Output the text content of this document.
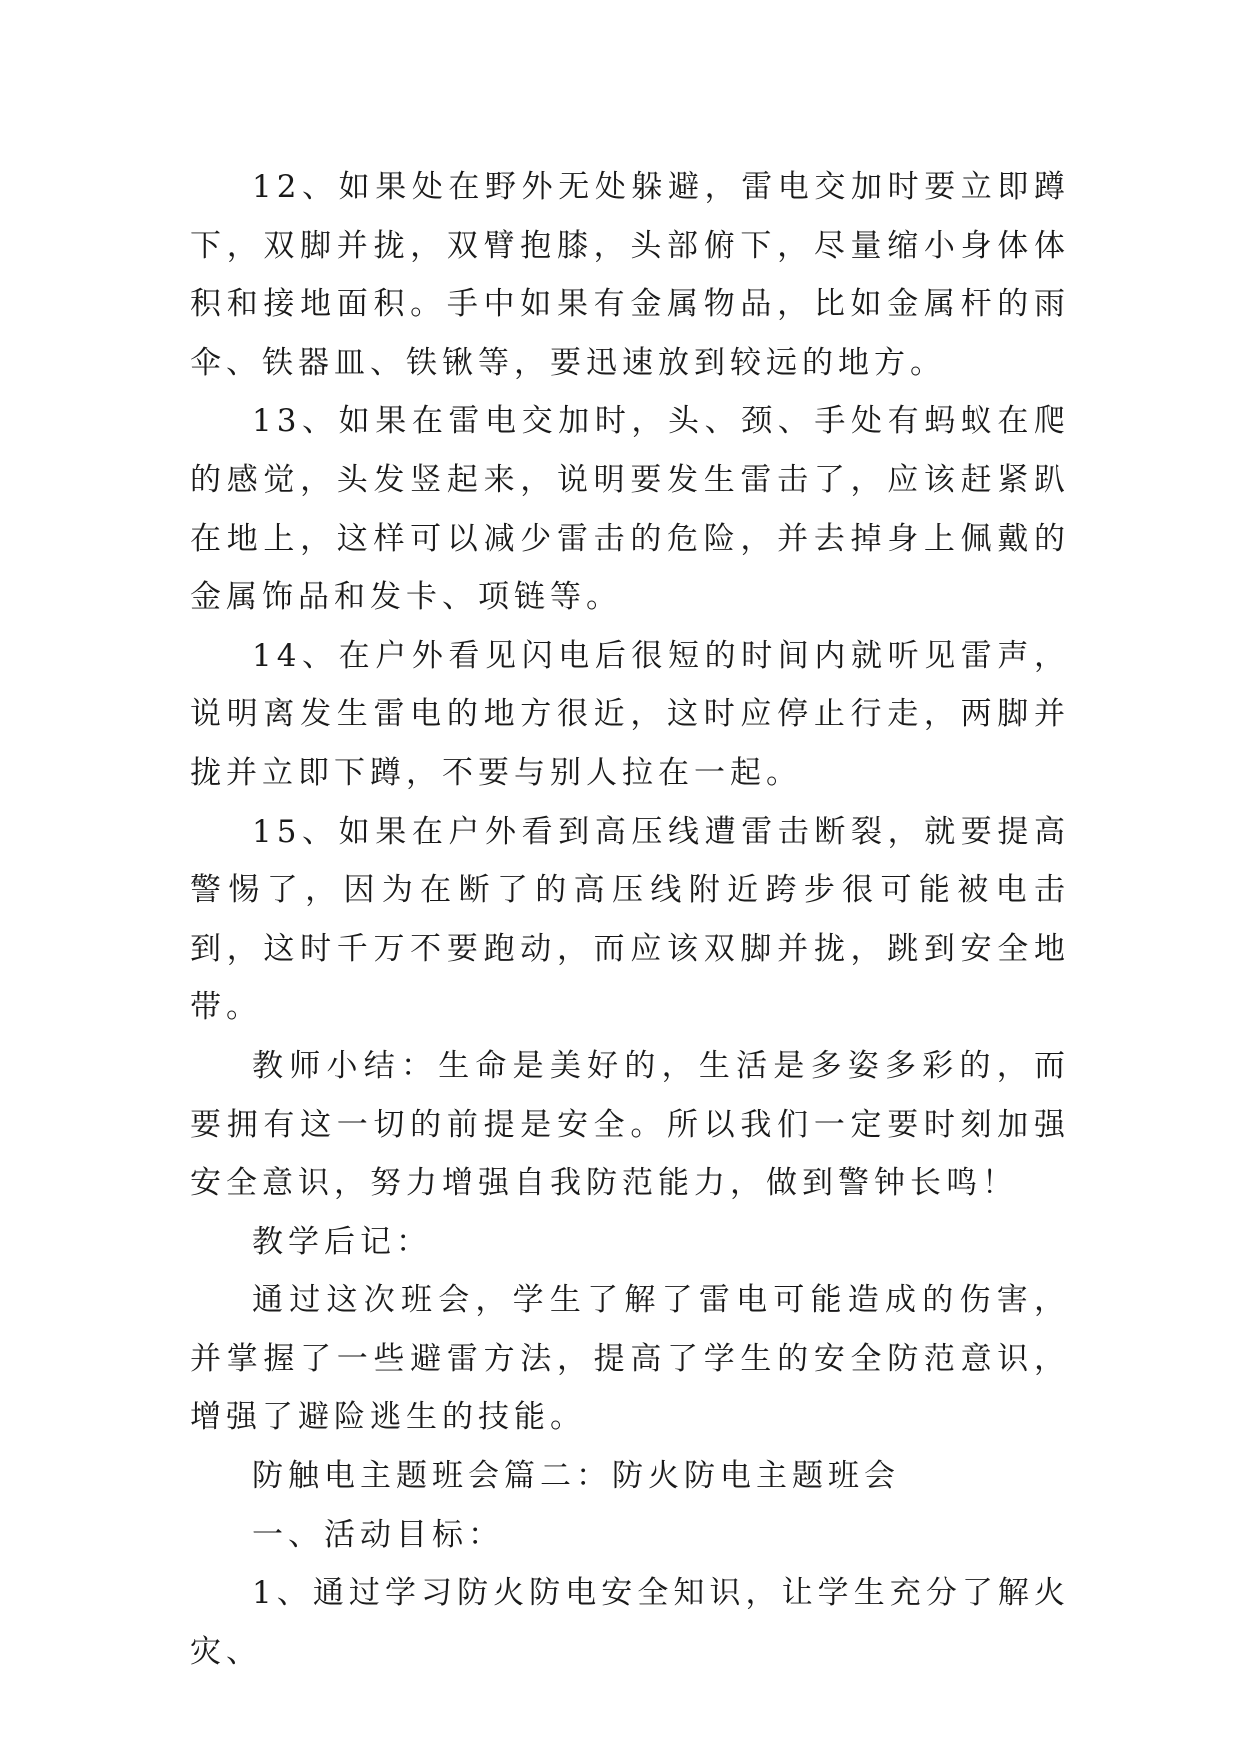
12、如果处在野外无处躲避，雷电交加时要立即蹲下，双脚并拢，双臂抱膝，头部俯下，尽量缩小身体体积和接地面积。手中如果有金属物品，比如金属杆的雨伞、铁器皿、铁锹等，要迅速放到较远的地方。

13、如果在雷电交加时，头、颈、手处有蚂蚁在爬的感觉，头发竖起来，说明要发生雷击了，应该赶紧趴在地上，这样可以减少雷击的危险，并去掉身上佩戴的金属饰品和发卡、项链等。

14、在户外看见闪电后很短的时间内就听见雷声，说明离发生雷电的地方很近，这时应停止行走，两脚并拢并立即下蹲，不要与别人拉在一起。

15、如果在户外看到高压线遭雷击断裂，就要提高警惕了，因为在断了的高压线附近跨步很可能被电击到，这时千万不要跑动，而应该双脚并拢，跳到安全地带。

教师小结：生命是美好的，生活是多姿多彩的，而要拥有这一切的前提是安全。所以我们一定要时刻加强安全意识，努力增强自我防范能力，做到警钟长鸣！

教学后记：

通过这次班会，学生了解了雷电可能造成的伤害，并掌握了一些避雷方法，提高了学生的安全防范意识，增强了避险逃生的技能。

防触电主题班会篇二：防火防电主题班会

一、活动目标：

1、通过学习防火防电安全知识，让学生充分了解火灾、
